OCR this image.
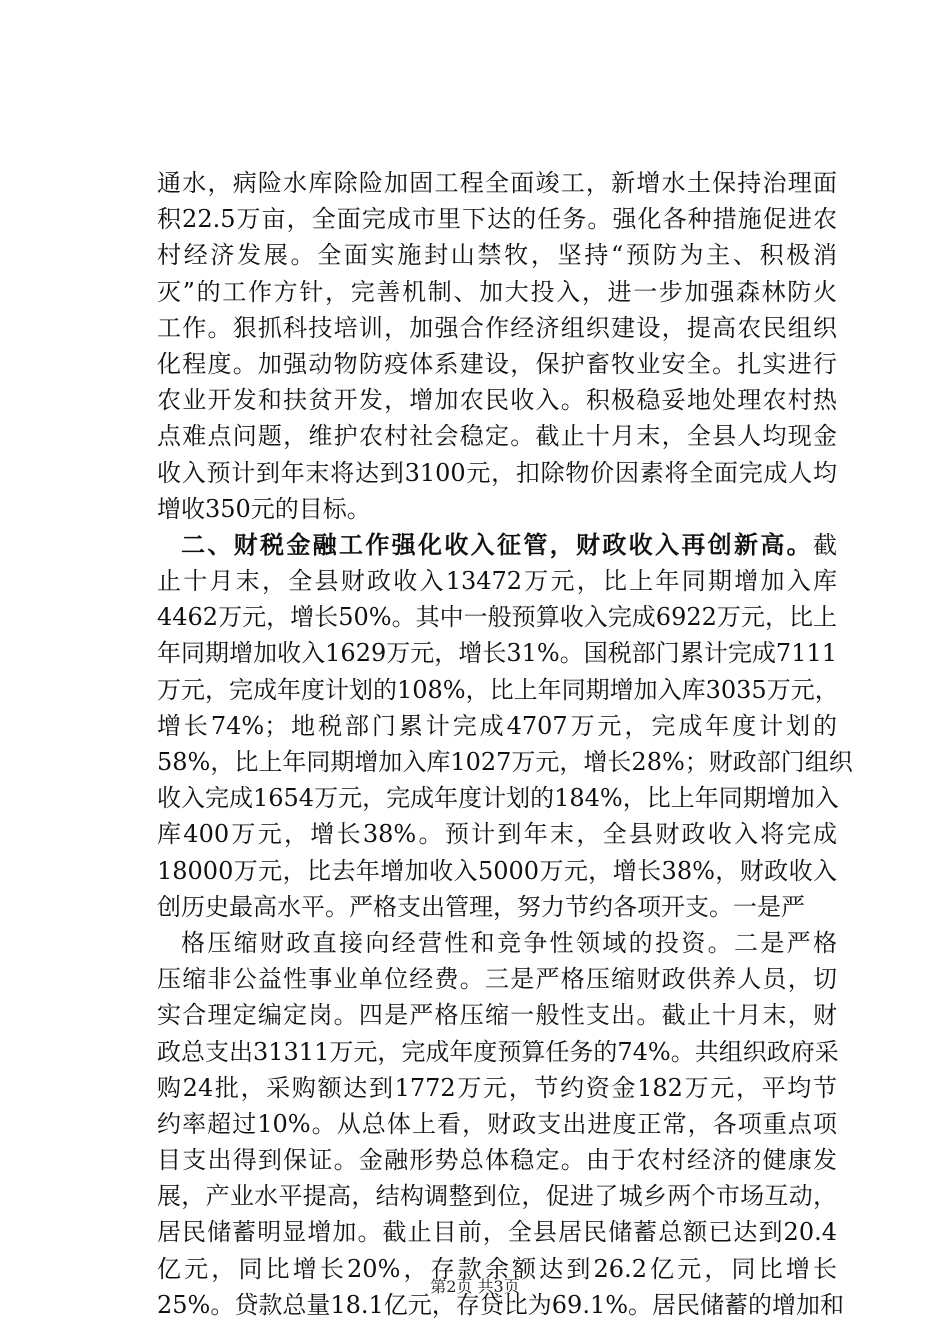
通水，病险水库除险加固工程全面竣工，新增水土保持治理面
积22.5万亩，全面完成市里下达的任务。强化各种措施促进农
村经济发展。全面实施封山禁牧，坚持“预防为主、积极消
灭”的工作方针，完善机制、加大投入，进一步加强森林防火
工作。狠抓科技培训，加强合作经济组织建设，提高农民组织
化程度。加强动物防疫体系建设，保护畜牧业安全。扎实进行
农业开发和扶贫开发，增加农民收入。积极稳妥地处理农村热
点难点问题，维护农村社会稳定。截止十月末，全县人均现金
收入预计到年末将达到3100元，扣除物价因素将全面完成人均
增收350元的目标。
二、财税金融工作强化收入征管，财政收入再创新高。截
止十月末，全县财政收入13472万元，比上年同期增加入库
4462万元，增长50%。其中一般预算收入完成6922万元，比上
年同期增加收入1629万元，增长31%。国税部门累计完成7111
万元，完成年度计划的108%，比上年同期增加入库3035万元，
增长74%；地税部门累计完成4707万元，完成年度计划的
58%，比上年同期增加入库1027万元，增长28%；财政部门组织
收入完成1654万元，完成年度计划的184%，比上年同期增加入
库400万元，增长38%。预计到年末，全县财政收入将完成
18000万元，比去年增加收入5000万元，增长38%，财政收入
创历史最高水平。严格支出管理，努力节约各项开支。一是严
格压缩财政直接向经营性和竞争性领域的投资。二是严格
压缩非公益性事业单位经费。三是严格压缩财政供养人员，切
实合理定编定岗。四是严格压缩一般性支出。截止十月末，财
政总支出31311万元，完成年度预算任务的74%。共组织政府采
购24批，采购额达到1772万元，节约资金182万元，平均节
约率超过10%。从总体上看，财政支出进度正常，各项重点项
目支出得到保证。金融形势总体稳定。由于农村经济的健康发
展，产业水平提高，结构调整到位，促进了城乡两个市场互动，
居民储蓄明显增加。截止目前，全县居民储蓄总额已达到20.4
亿元，同比增长20%，存款余额达到26.2亿元，同比增长
25%。贷款总量18.1亿元，存贷比为69.1%。居民储蓄的增加和
第2页 共3页
